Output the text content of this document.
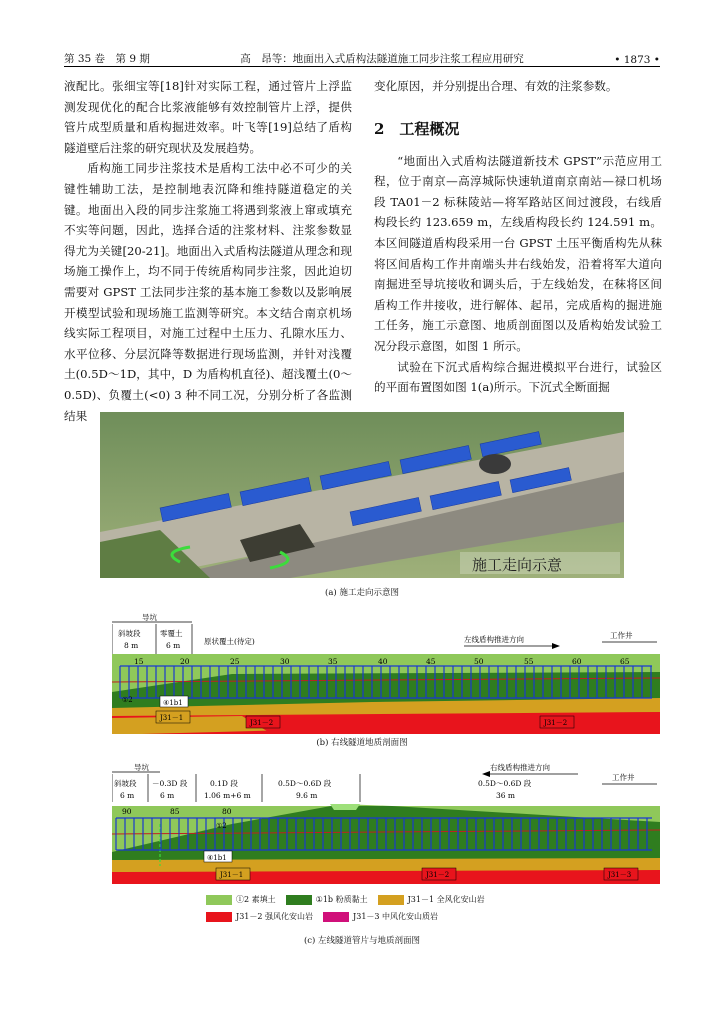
第 35 卷　第 9 期	高　昂等：地面出入式盾构法隧道施工同步注浆工程应用研究	• 1873 •

液配比。张细宝等[18]针对实际工程，通过管片上浮监测发现优化的配合比浆液能够有效控制管片上浮，提供管片成型质量和盾构掘进效率。叶飞等[19]总结了盾构隧道壁后注浆的研究现状及发展趋势。

盾构施工同步注浆技术是盾构工法中必不可少的关键性辅助工法，是控制地表沉降和维持隧道稳定的关键。地面出入段的同步注浆施工将遇到浆液上窜或填充不实等问题，因此，选择合适的注浆材料、注浆参数显得尤为关键[20-21]。地面出入式盾构法隧道从理念和现场施工操作上，均不同于传统盾构同步注浆，因此迫切需要对 GPST 工法同步注浆的基本施工参数以及影响展开模型试验和现场施工监测等研究。本文结合南京机场线实际工程项目，对施工过程中土压力、孔隙水压力、水平位移、分层沉降等数据进行现场监测，并针对浅覆土(0.5D～1D，其中，D 为盾构机直径)、超浅覆土(0～0.5D)、负覆土(<0) 3 种不同工况，分别分析了各监测结果

变化原因，并分别提出合理、有效的注浆参数。

2　工程概况

“地面出入式盾构法隧道新技术 GPST”示范应用工程，位于南京—高淳城际快速轨道南京南站—禄口机场段 TA01－2 标秣陵站—将军路站区间过渡段，右线盾构段长约 123.659 m，左线盾构段长约 124.591 m。本区间隧道盾构段采用一台 GPST 土压平衡盾构先从秣将区间盾构工作井南端头井右线始发，沿着将军大道向南掘进至导坑接收和调头后，于左线始发，在秣将区间盾构工作井接收，进行解体、起吊，完成盾构的掘进施工任务，施工示意图、地质剖面图以及盾构始发试验工况分段示意图，如图 1 所示。

试验在下沉式盾构综合掘进模拟平台进行，试验区的平面布置图如图 1(a)所示。下沉式全断面掘

施工走向示意
(a) 施工走向示意图
导坑
斜坡段
8 m
零覆土
6 m	原状覆土(待定)	左线盾构推进方向	工作井
①2	④1b1
J31－1
J31－2	J31－2
15	20	25	30	35	40	45	50	55	60	65
(b) 右线隧道地质剖面图
导坑
斜坡段
6 m
－0.3D 段
6 m
0.1D 段
1.06 m+6 m
0.5D～0.6D 段
9.6 m
0.5D～0.6D 段
36 m
右线盾构推进方向
工作井
①2
④1b1
J31－1	J31－2	J31－3
90	85	80
①2 素填土	①1b 粉质黏土	J31－1 全风化安山岩
J31－2 强风化安山岩	J31－3 中风化安山质岩
(c) 左线隧道管片与地质剖面图
